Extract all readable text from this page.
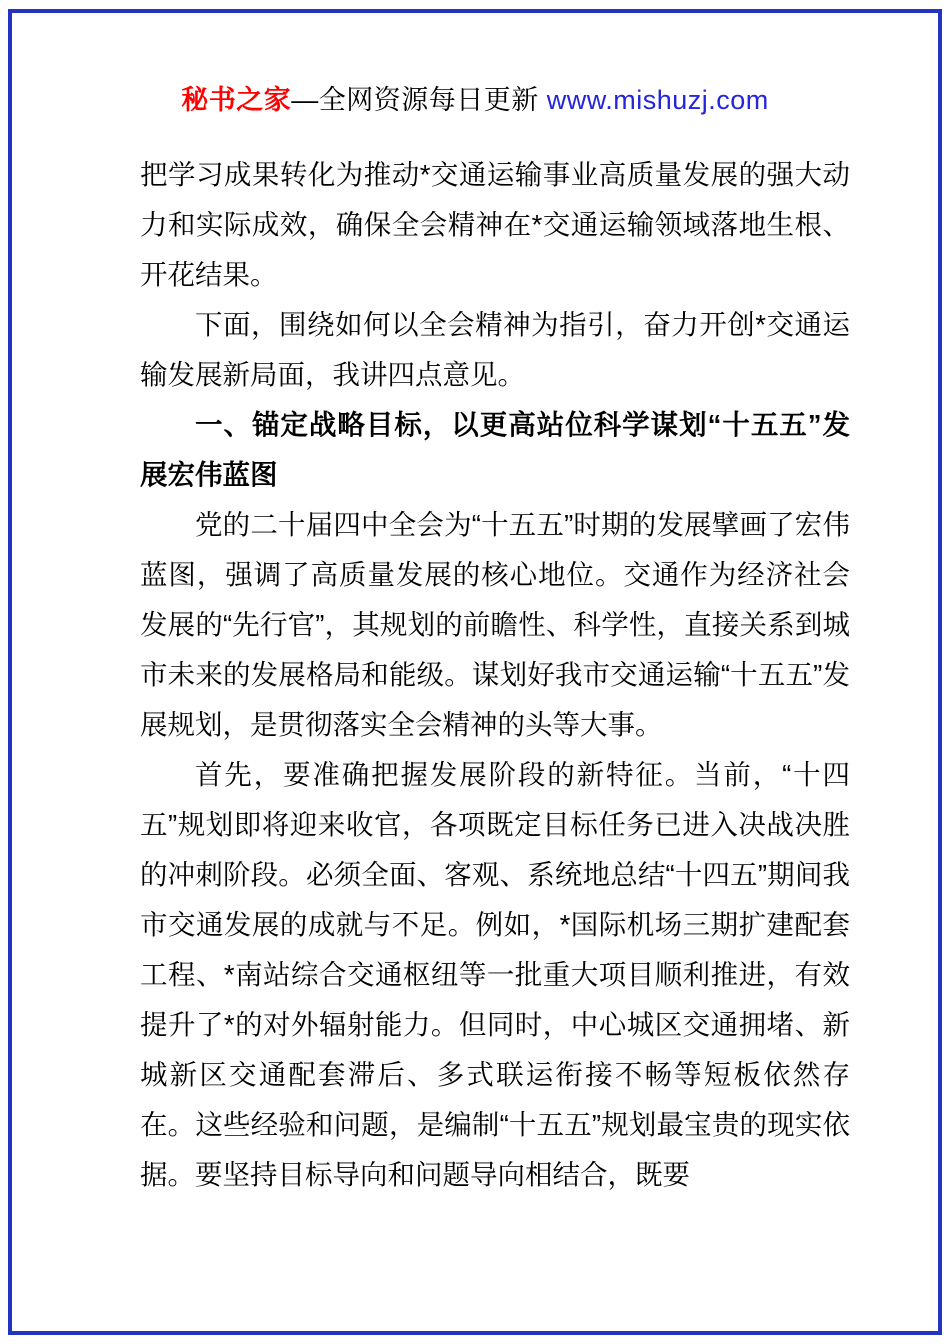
秘书之家—全网资源每日更新 www.mishuzj.com

把学习成果转化为推动*交通运输事业高质量发展的强大动力和实际成效，确保全会精神在*交通运输领域落地生根、开花结果。

下面，围绕如何以全会精神为指引，奋力开创*交通运输发展新局面，我讲四点意见。

一、锚定战略目标，以更高站位科学谋划“十五五”发展宏伟蓝图

党的二十届四中全会为“十五五”时期的发展擘画了宏伟蓝图，强调了高质量发展的核心地位。交通作为经济社会发展的“先行官”，其规划的前瞻性、科学性，直接关系到城市未来的发展格局和能级。谋划好我市交通运输“十五五”发展规划，是贯彻落实全会精神的头等大事。

首先，要准确把握发展阶段的新特征。当前，“十四五”规划即将迎来收官，各项既定目标任务已进入决战决胜的冲刺阶段。必须全面、客观、系统地总结“十四五”期间我市交通发展的成就与不足。例如，*国际机场三期扩建配套工程、*南站综合交通枢纽等一批重大项目顺利推进，有效提升了*的对外辐射能力。但同时，中心城区交通拥堵、新城新区交通配套滞后、多式联运衔接不畅等短板依然存在。这些经验和问题，是编制“十五五”规划最宝贵的现实依据。要坚持目标导向和问题导向相结合，既要
